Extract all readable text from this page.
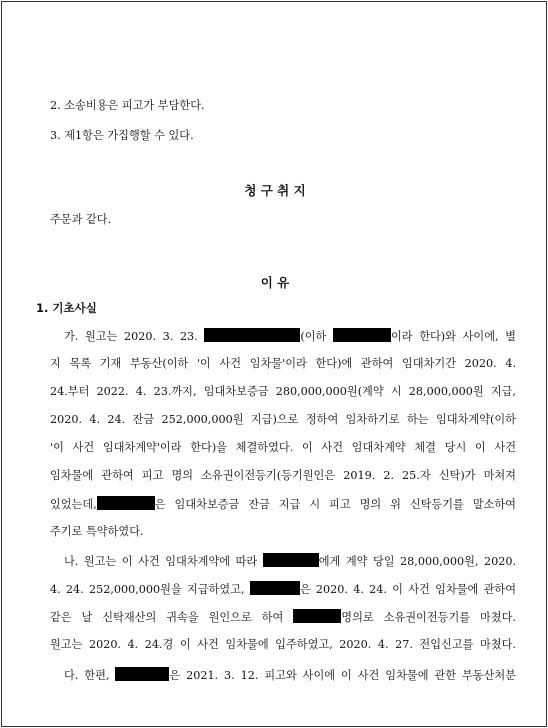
2. 소송비용은 피고가 부담한다.
3. 제1항은 가집행할 수 있다.
청 구 취 지
주문과 같다.
이 유
1. 기초사실
가. 원고는 2020. 3. 23.	(이하	이라 한다)와 사이에, 별
지 목록 기재 부동산(이하 '이 사건 임차물'이라 한다)에 관하여 임대차기간 2020. 4.
24.부터 2022. 4. 23.까지, 임대차보증금 280,000,000원(계약 시 28,000,000원 지급,
2020. 4. 24. 잔금 252,000,000원 지급)으로 정하여 임차하기로 하는 임대차계약(이하
'이 사건 임대차계약'이라 한다)을 체결하였다. 이 사건 임대차계약 체결 당시 이 사건
임차물에 관하여 피고 명의 소유권이전등기(등기원인은 2019. 2. 25.자 신탁)가 마쳐져
있었는데,	은 임대차보증금 잔금 지급 시 피고 명의 위 신탁등기를 말소하여
주기로 특약하였다.
나. 원고는 이 사건 임대차계약에 따라	에게 계약 당일 28,000,000원, 2020.
4. 24. 252,000,000원을 지급하였고,	은 2020. 4. 24. 이 사건 임차물에 관하여
같은 날 신탁재산의 귀속을 원인으로 하여	명의로 소유권이전등기를 마쳤다.
원고는 2020. 4. 24.경 이 사건 임차물에 입주하였고, 2020. 4. 27. 전입신고를 마쳤다.
다. 한편,	은 2021. 3. 12. 피고와 사이에 이 사건 임차물에 관한 부동산처분
